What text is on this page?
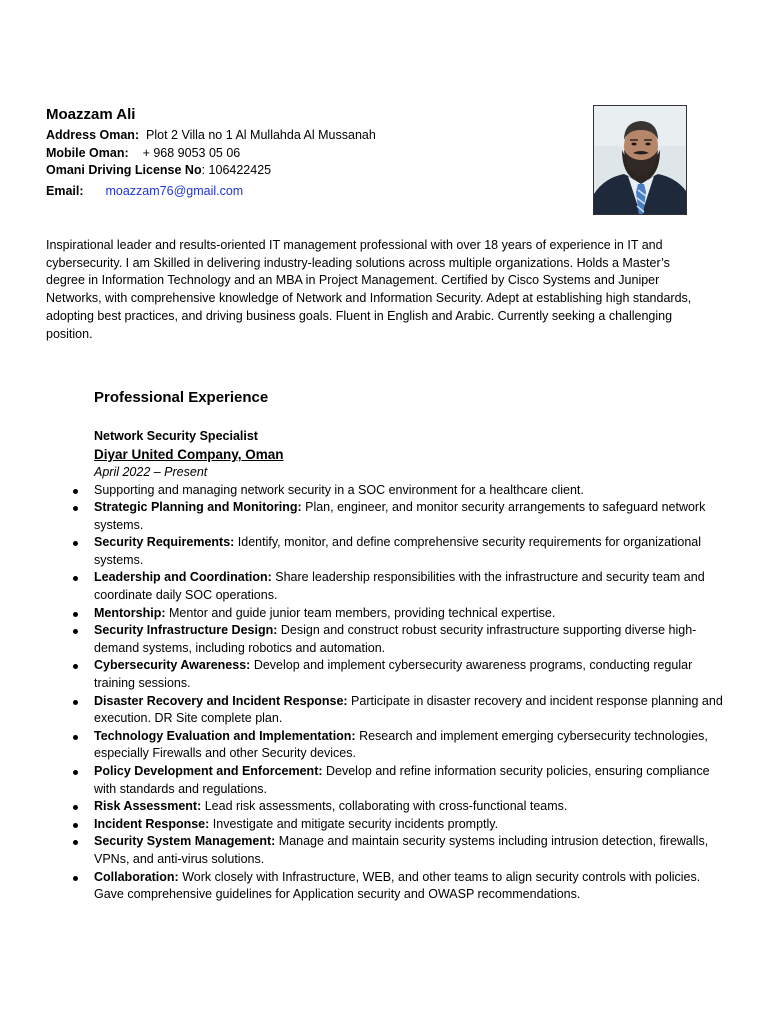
Moazzam Ali
Address Oman: Plot 2 Villa no 1 Al Mullahda Al Mussanah
Mobile Oman: + 968 9053 05 06
Omani Driving License No: 106422425
Email: moazzam76@gmail.com

Inspirational leader and results-oriented IT management professional with over 18 years of experience in IT and cybersecurity. I am Skilled in delivering industry-leading solutions across multiple organizations. Holds a Master’s degree in Information Technology and an MBA in Project Management. Certified by Cisco Systems and Juniper Networks, with comprehensive knowledge of Network and Information Security. Adept at establishing high standards, adopting best practices, and driving business goals. Fluent in English and Arabic. Currently seeking a challenging position.

Professional Experience
Network Security Specialist
Diyar United Company, Oman
April 2022 – Present
Supporting and managing network security in a SOC environment for a healthcare client.
Strategic Planning and Monitoring: Plan, engineer, and monitor security arrangements to safeguard network systems.
Security Requirements: Identify, monitor, and define comprehensive security requirements for organizational systems.
Leadership and Coordination: Share leadership responsibilities with the infrastructure and security team and coordinate daily SOC operations.
Mentorship: Mentor and guide junior team members, providing technical expertise.
Security Infrastructure Design: Design and construct robust security infrastructure supporting diverse high-demand systems, including robotics and automation.
Cybersecurity Awareness: Develop and implement cybersecurity awareness programs, conducting regular training sessions.
Disaster Recovery and Incident Response: Participate in disaster recovery and incident response planning and execution. DR Site complete plan.
Technology Evaluation and Implementation: Research and implement emerging cybersecurity technologies, especially Firewalls and other Security devices.
Policy Development and Enforcement: Develop and refine information security policies, ensuring compliance with standards and regulations.
Risk Assessment: Lead risk assessments, collaborating with cross-functional teams.
Incident Response: Investigate and mitigate security incidents promptly.
Security System Management: Manage and maintain security systems including intrusion detection, firewalls, VPNs, and anti-virus solutions.
Collaboration: Work closely with Infrastructure, WEB, and other teams to align security controls with policies. Gave comprehensive guidelines for Application security and OWASP recommendations.
